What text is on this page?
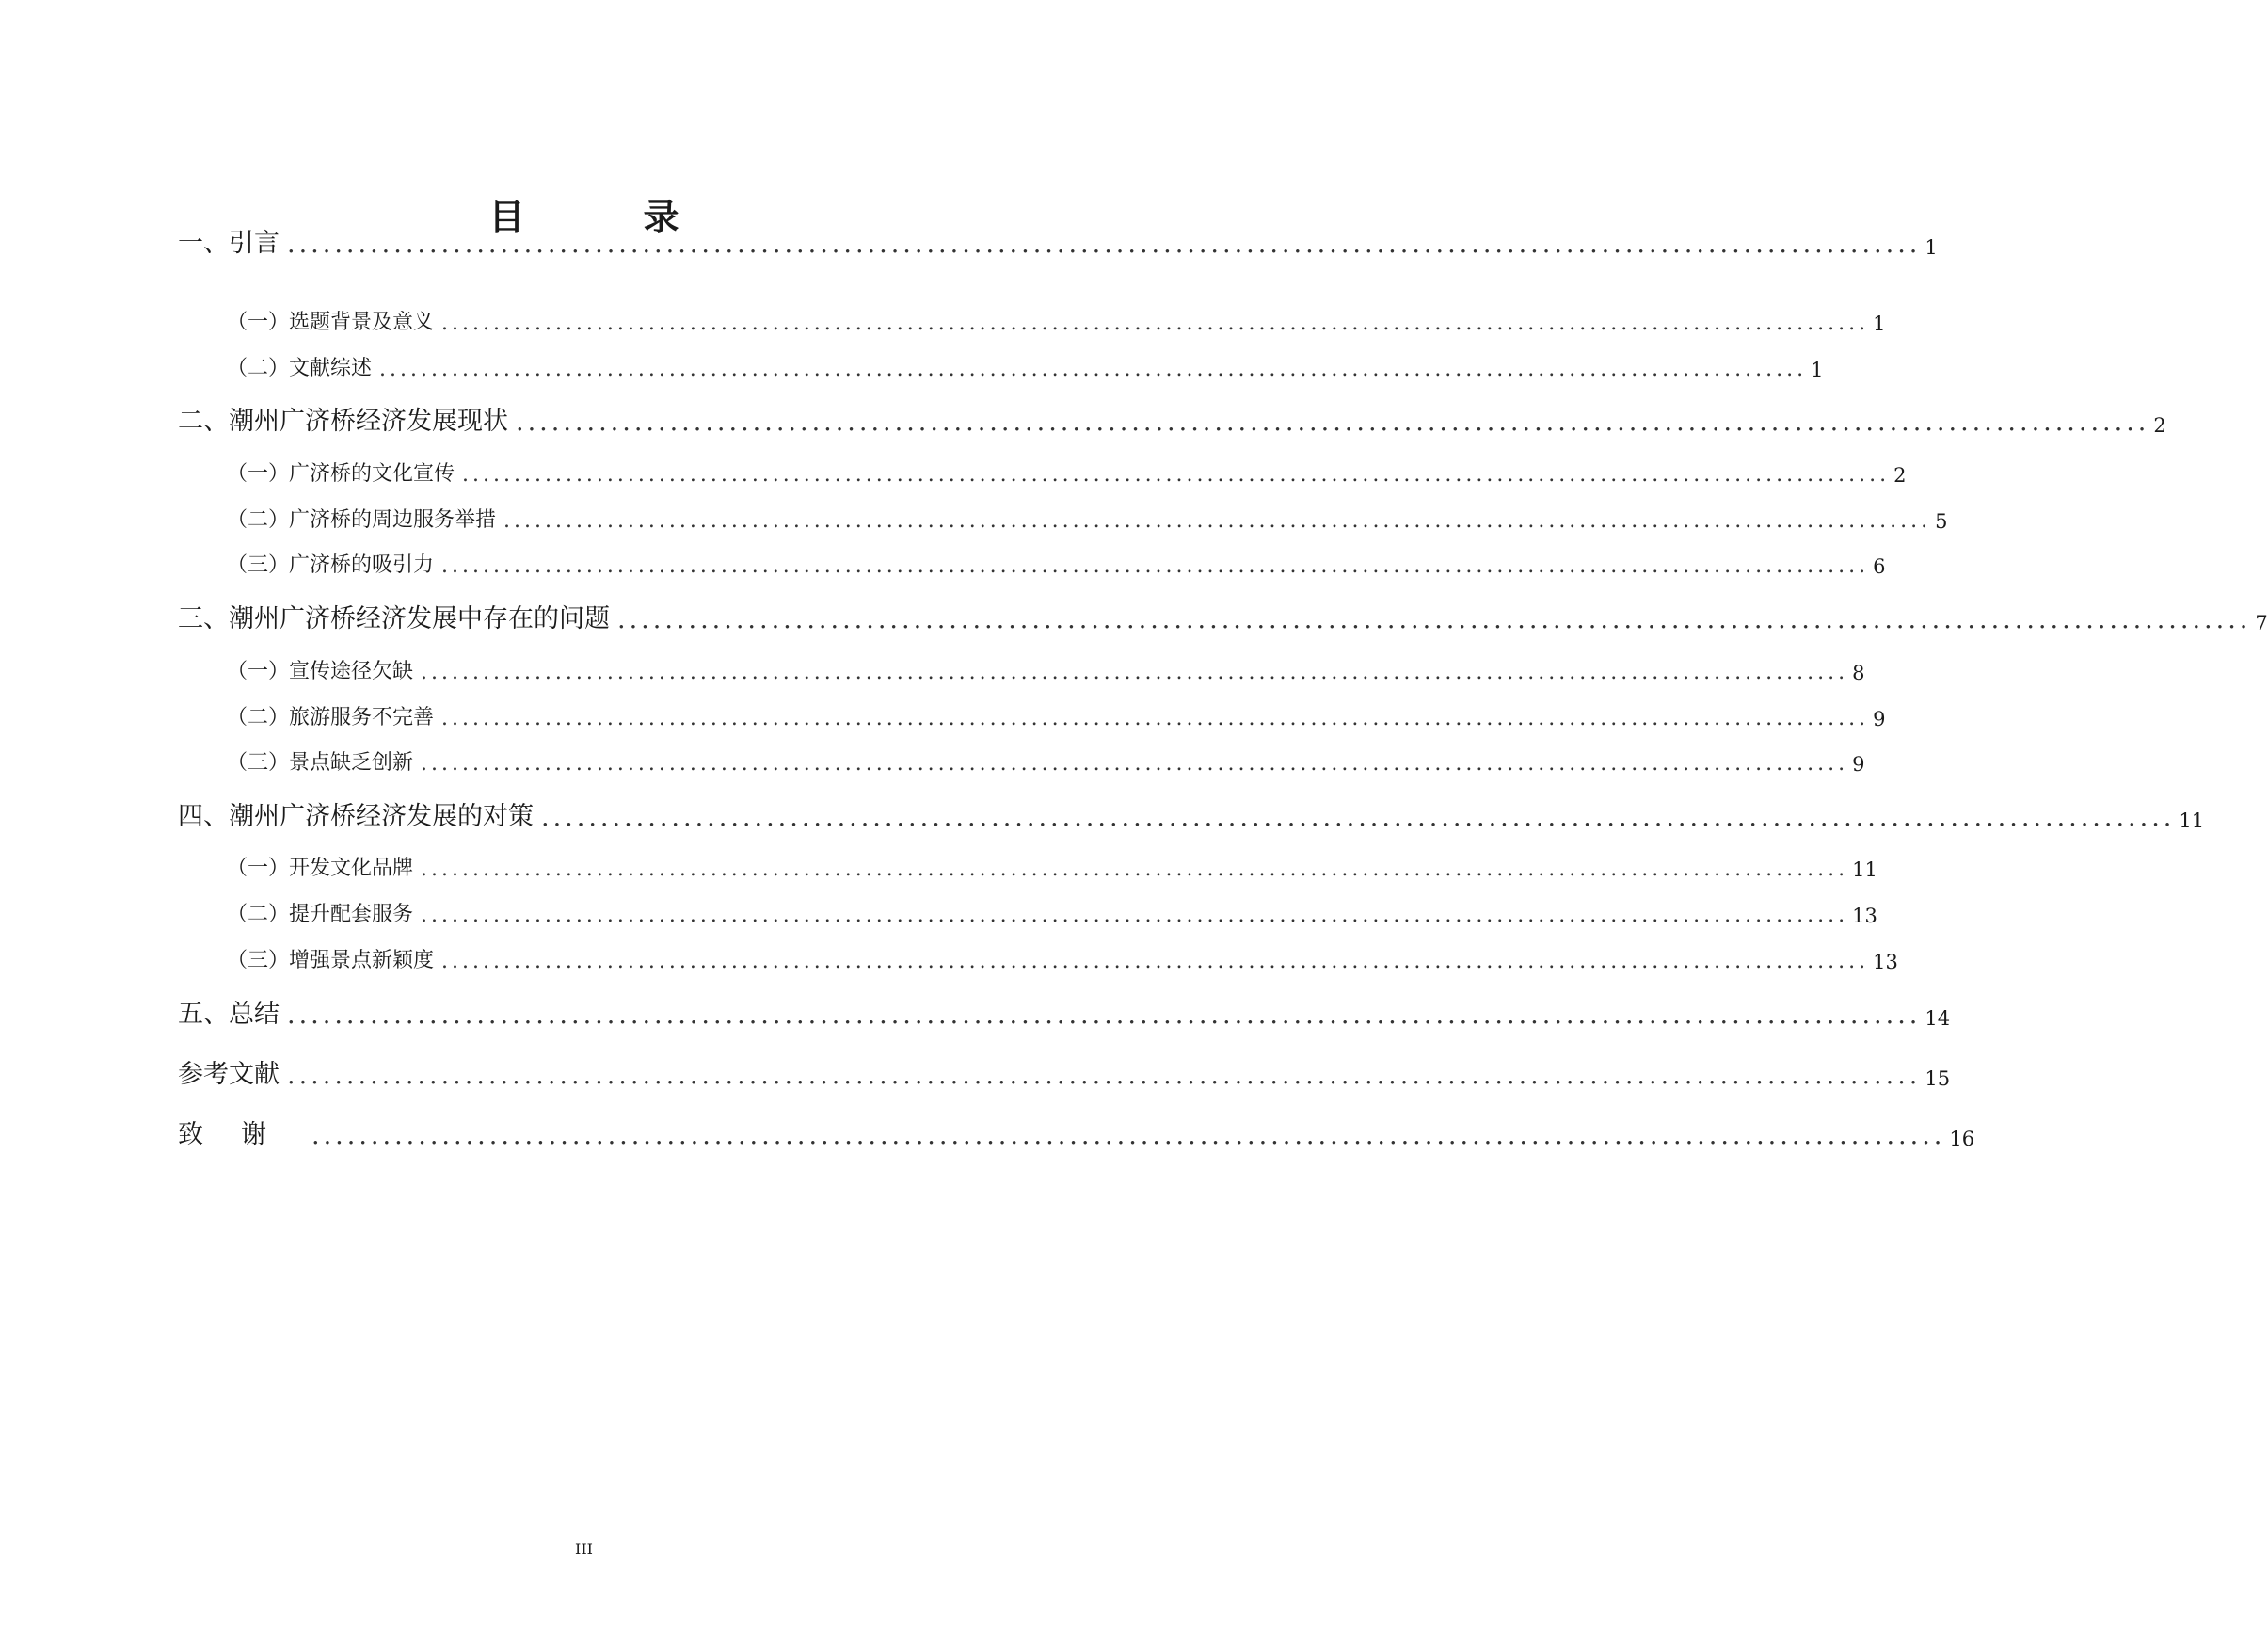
目　录
一、引言 .......................................................................................................................................... 1
（一）选题背景及意义 .......................................................................................................................................... 1
（二）文献综述 .......................................................................................................................................... 1
二、潮州广济桥经济发展现状 .......................................................................................................................................... 2
（一）广济桥的文化宣传 .......................................................................................................................................... 2
（二）广济桥的周边服务举措 .......................................................................................................................................... 5
（三）广济桥的吸引力 .......................................................................................................................................... 6
三、潮州广济桥经济发展中存在的问题 .......................................................................................................................................... 7
（一）宣传途径欠缺 .......................................................................................................................................... 8
（二）旅游服务不完善 .......................................................................................................................................... 9
（三）景点缺乏创新 .......................................................................................................................................... 9
四、潮州广济桥经济发展的对策 .......................................................................................................................................... 11
（一）开发文化品牌 .......................................................................................................................................... 11
（二）提升配套服务 .......................................................................................................................................... 13
（三）增强景点新颖度 .......................................................................................................................................... 13
五、总结 .......................................................................................................................................... 14
参考文献 .......................................................................................................................................... 15
致谢 .......................................................................................................................................... 16
III
